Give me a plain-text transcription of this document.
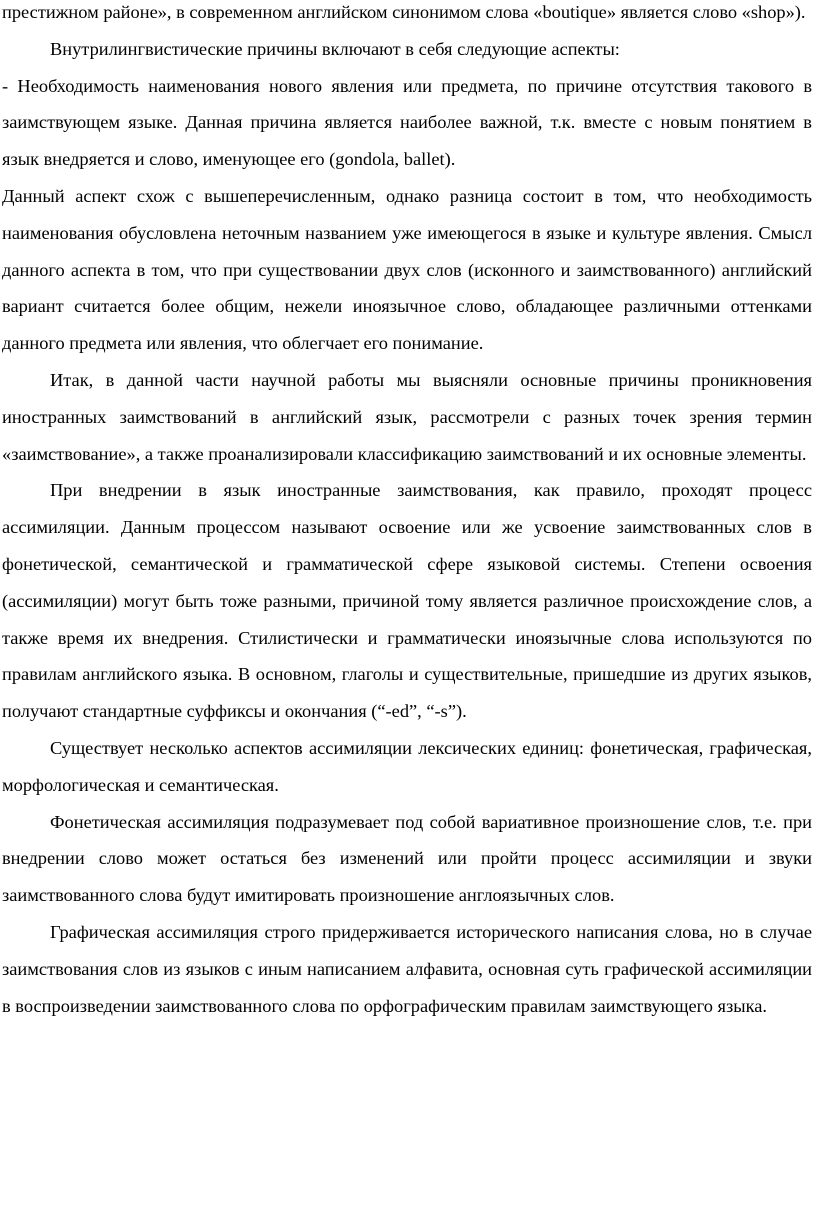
престижном районе», в современном английском синонимом слова «boutique» является слово «shop»).

Внутрилингвистические причины включают в себя следующие аспекты:

- Необходимость наименования нового явления или предмета, по причине отсутствия такового в заимствующем языке. Данная причина является наиболее важной, т.к. вместе с новым понятием в язык внедряется и слово, именующее его (gondola, ballet).

Данный аспект схож с вышеперечисленным, однако разница состоит в том, что необходимость наименования обусловлена неточным названием уже имеющегося в языке и культуре явления. Смысл данного аспекта в том, что при существовании двух слов (исконного и заимствованного) английский вариант считается более общим, нежели иноязычное слово, обладающее различными оттенками данного предмета или явления, что облегчает его понимание.

Итак, в данной части научной работы мы выясняли основные причины проникновения иностранных заимствований в английский язык, рассмотрели с разных точек зрения термин «заимствование», а также проанализировали классификацию заимствований и их основные элементы.

При внедрении в язык иностранные заимствования, как правило, проходят процесс ассимиляции. Данным процессом называют освоение или же усвоение заимствованных слов в фонетической, семантической и грамматической сфере языковой системы. Степени освоения (ассимиляции) могут быть тоже разными, причиной тому является различное происхождение слов, а также время их внедрения. Стилистически и грамматически иноязычные слова используются по правилам английского языка. В основном, глаголы и существительные, пришедшие из других языков, получают стандартные суффиксы и окончания (“-ed”, “-s”).

Существует несколько аспектов ассимиляции лексических единиц: фонетическая, графическая, морфологическая и семантическая.

Фонетическая ассимиляция подразумевает под собой вариативное произношение слов, т.е. при внедрении слово может остаться без изменений или пройти процесс ассимиляции и звуки заимствованного слова будут имитировать произношение англоязычных слов.

Графическая ассимиляция строго придерживается исторического написания слова, но в случае заимствования слов из языков с иным написанием алфавита, основная суть графической ассимиляции в воспроизведении заимствованного слова по орфографическим правилам заимствующего языка.
